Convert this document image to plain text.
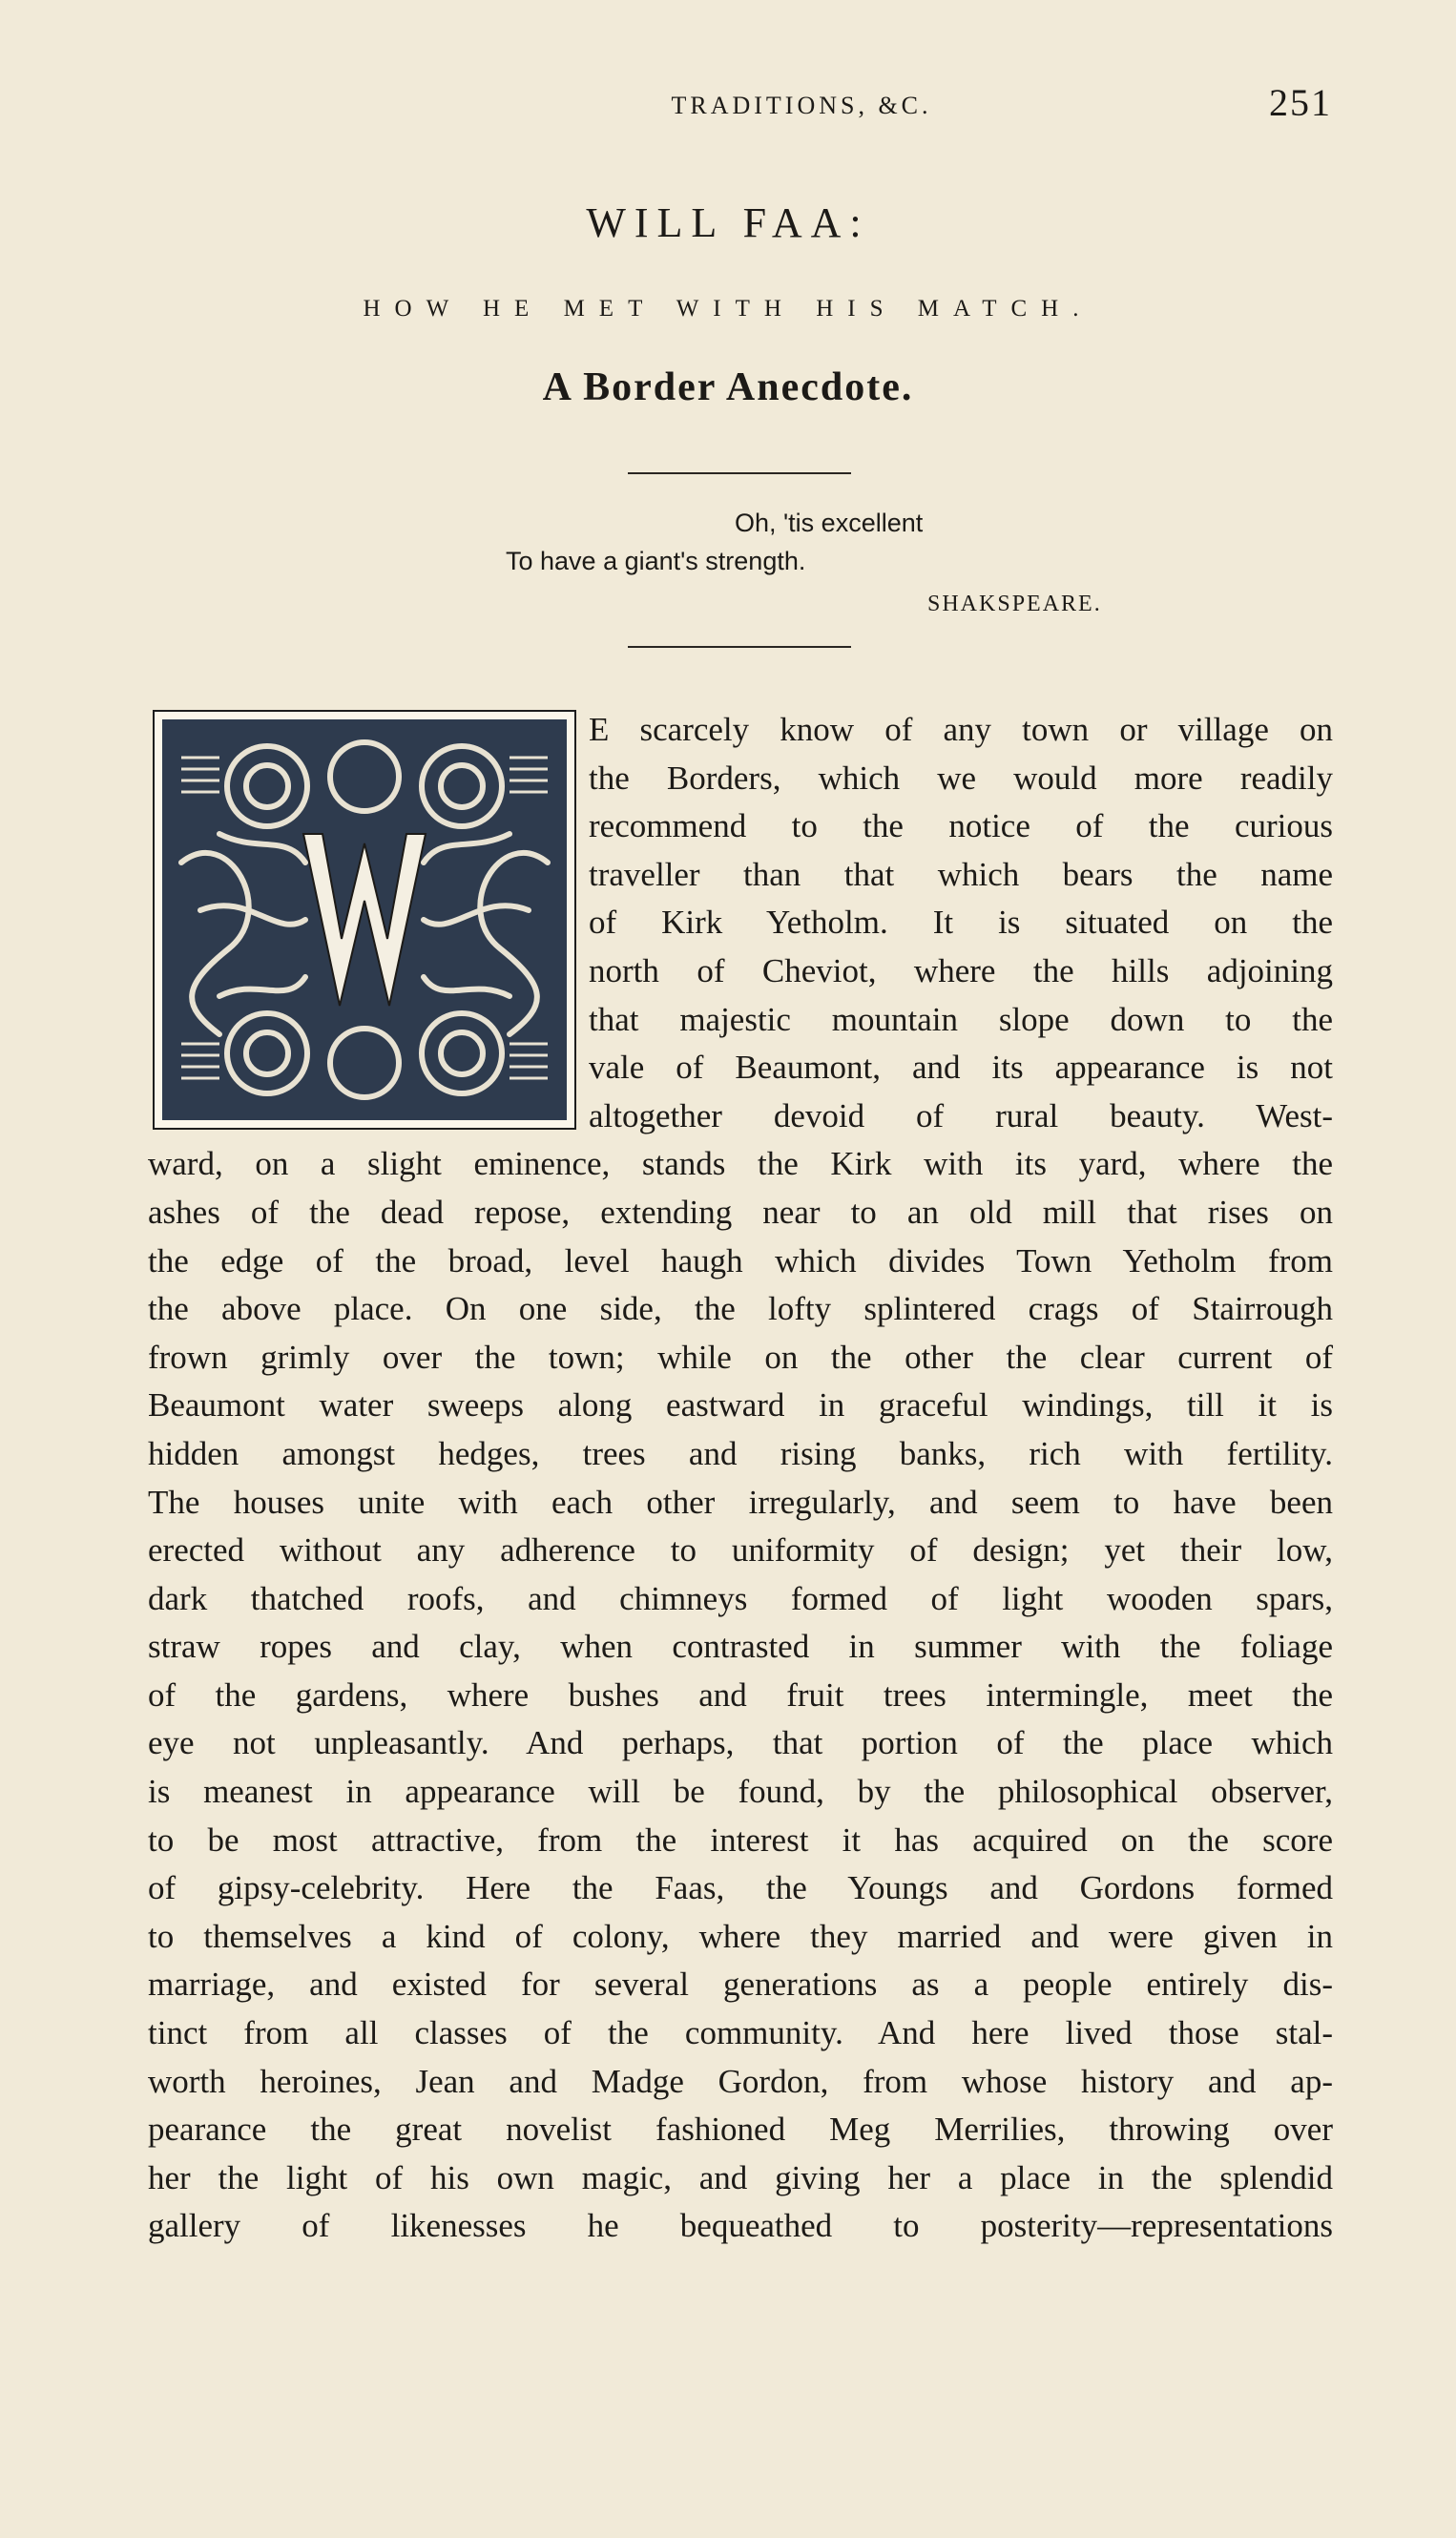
TRADITIONS, &C.	251
WILL FAA:
HOW HE MET WITH HIS MATCH.
A Border Anecdote.
Oh, 'tis excellent
To have a giant's strength.
SHAKSPEARE.
E scarcely know of any town or village on
the Borders, which we would more readily
recommend to the notice of the curious
traveller than that which bears the name
of Kirk Yetholm. It is situated on the
north of Cheviot, where the hills adjoining
that majestic mountain slope down to the
vale of Beaumont, and its appearance is not
altogether devoid of rural beauty. West-
ward, on a slight eminence, stands the Kirk with its yard, where the
ashes of the dead repose, extending near to an old mill that rises on
the edge of the broad, level haugh which divides Town Yetholm from
the above place. On one side, the lofty splintered crags of Stairrough
frown grimly over the town; while on the other the clear current of
Beaumont water sweeps along eastward in graceful windings, till it is
hidden amongst hedges, trees and rising banks, rich with fertility.
The houses unite with each other irregularly, and seem to have been
erected without any adherence to uniformity of design; yet their low,
dark thatched roofs, and chimneys formed of light wooden spars,
straw ropes and clay, when contrasted in summer with the foliage
of the gardens, where bushes and fruit trees intermingle, meet the
eye not unpleasantly. And perhaps, that portion of the place which
is meanest in appearance will be found, by the philosophical observer,
to be most attractive, from the interest it has acquired on the score
of gipsy-celebrity. Here the Faas, the Youngs and Gordons formed
to themselves a kind of colony, where they married and were given in
marriage, and existed for several generations as a people entirely dis-
tinct from all classes of the community. And here lived those stal-
worth heroines, Jean and Madge Gordon, from whose history and ap-
pearance the great novelist fashioned Meg Merrilies, throwing over
her the light of his own magic, and giving her a place in the splendid
gallery of likenesses he bequeathed to posterity—representations
